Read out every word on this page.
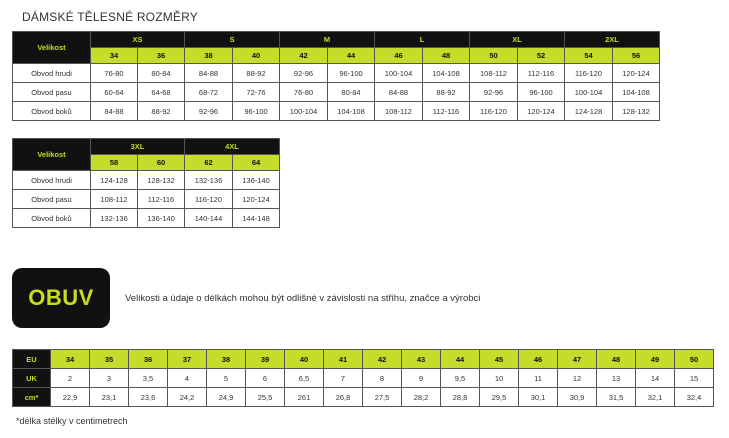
DÁMSKÉ TĚLESNÉ ROZMĚRY
Velikost	XS		S		M		L		XL		2XL	
	34	36	38	40	42	44	46	48	50	52	54	56
Obvod hrudi	76-80	80-84	84-88	88-92	92-96	96-100	100-104	104-108	108-112	112-116	116-120	120-124
Obvod pasu	60-64	64-68	68-72	72-76	76-80	80-84	84-88	88-92	92-96	96-100	100-104	104-108
Obvod boků	84-88	88-92	92-96	96-100	100-104	104-108	108-112	112-116	116-120	120-124	124-128	128-132
Velikost	3XL		4XL	
	58	60	62	64
Obvod hrudi	124-128	128-132	132-136	136-140
Obvod pasu	108-112	112-116	116-120	120-124
Obvod boků	132-136	136-140	140-144	144-148
OBUV	Velikosti a údaje o délkách mohou být odlišné v závislosti na střihu, značce a výrobci
EU	34	35	36	37	38	39	40	41	42	43	44	45	46	47	48	49	50
UK	2	3	3,5	4	5	6	6,5	7	8	9	9,5	10	11	12	13	14	15
cm*	22,9	23,1	23,6	24,2	24,9	25,5	261	26,8	27,5	28,2	28,8	29,5	30,1	30,9	31,5	32,1	32,4
*délka stélky v centimetrech
